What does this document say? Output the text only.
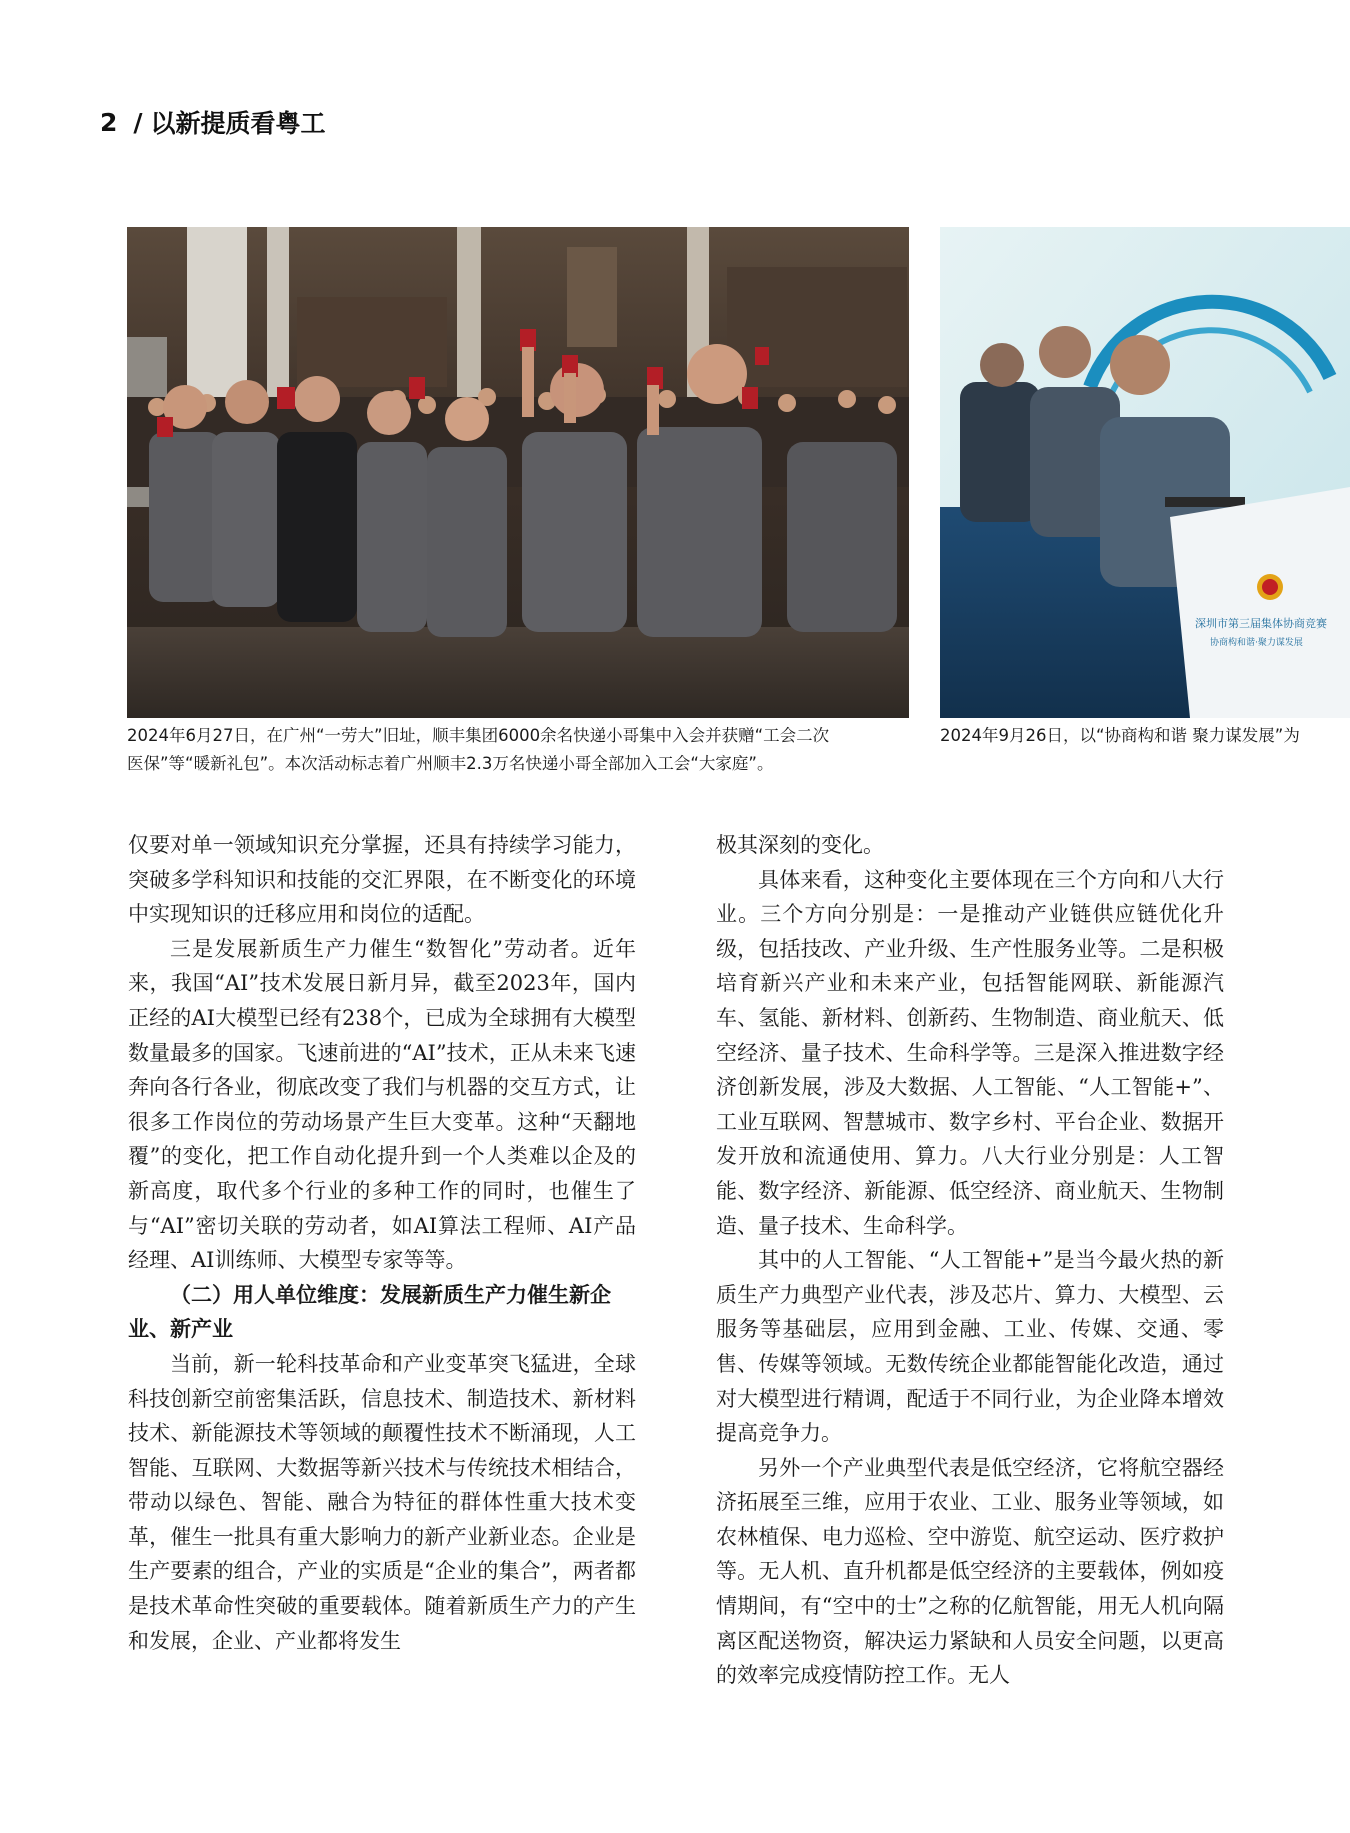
2 / 以新提质看粤工
深圳市第三届集体协商竞赛
协商构和谐·聚力谋发展
2024年6月27日，在广州“一劳大”旧址，顺丰集团6000余名快递小哥集中入会并获赠“工会二次
医保”等“暖新礼包”。本次活动标志着广州顺丰2.3万名快递小哥全部加入工会“大家庭”。
2024年9月26日，以“协商构和谐 聚力谋发展”为

仅要对单一领域知识充分掌握，还具有持续学习能力，突破多学科知识和技能的交汇界限，在不断变化的环境中实现知识的迁移应用和岗位的适配。

三是发展新质生产力催生“数智化”劳动者。近年来，我国“AI”技术发展日新月异，截至2023年，国内正经的AI大模型已经有238个，已成为全球拥有大模型数量最多的国家。飞速前进的“AI”技术，正从未来飞速奔向各行各业，彻底改变了我们与机器的交互方式，让很多工作岗位的劳动场景产生巨大变革。这种“天翻地覆”的变化，把工作自动化提升到一个人类难以企及的新高度，取代多个行业的多种工作的同时，也催生了与“AI”密切关联的劳动者，如AI算法工程师、AI产品经理、AI训练师、大模型专家等等。

（二）用人单位维度：发展新质生产力催生新企业、新产业

当前，新一轮科技革命和产业变革突飞猛进，全球科技创新空前密集活跃，信息技术、制造技术、新材料技术、新能源技术等领域的颠覆性技术不断涌现，人工智能、互联网、大数据等新兴技术与传统技术相结合，带动以绿色、智能、融合为特征的群体性重大技术变革，催生一批具有重大影响力的新产业新业态。企业是生产要素的组合，产业的实质是“企业的集合”，两者都是技术革命性突破的重要载体。随着新质生产力的产生和发展，企业、产业都将发生

极其深刻的变化。

具体来看，这种变化主要体现在三个方向和八大行业。三个方向分别是：一是推动产业链供应链优化升级，包括技改、产业升级、生产性服务业等。二是积极培育新兴产业和未来产业，包括智能网联、新能源汽车、氢能、新材料、创新药、生物制造、商业航天、低空经济、量子技术、生命科学等。三是深入推进数字经济创新发展，涉及大数据、人工智能、“人工智能+”、工业互联网、智慧城市、数字乡村、平台企业、数据开发开放和流通使用、算力。八大行业分别是：人工智能、数字经济、新能源、低空经济、商业航天、生物制造、量子技术、生命科学。

其中的人工智能、“人工智能+”是当今最火热的新质生产力典型产业代表，涉及芯片、算力、大模型、云服务等基础层，应用到金融、工业、传媒、交通、零售、传媒等领域。无数传统企业都能智能化改造，通过对大模型进行精调，配适于不同行业，为企业降本增效提高竞争力。

另外一个产业典型代表是低空经济，它将航空器经济拓展至三维，应用于农业、工业、服务业等领域，如农林植保、电力巡检、空中游览、航空运动、医疗救护等。无人机、直升机都是低空经济的主要载体，例如疫情期间，有“空中的士”之称的亿航智能，用无人机向隔离区配送物资，解决运力紧缺和人员安全问题，以更高的效率完成疫情防控工作。无人
